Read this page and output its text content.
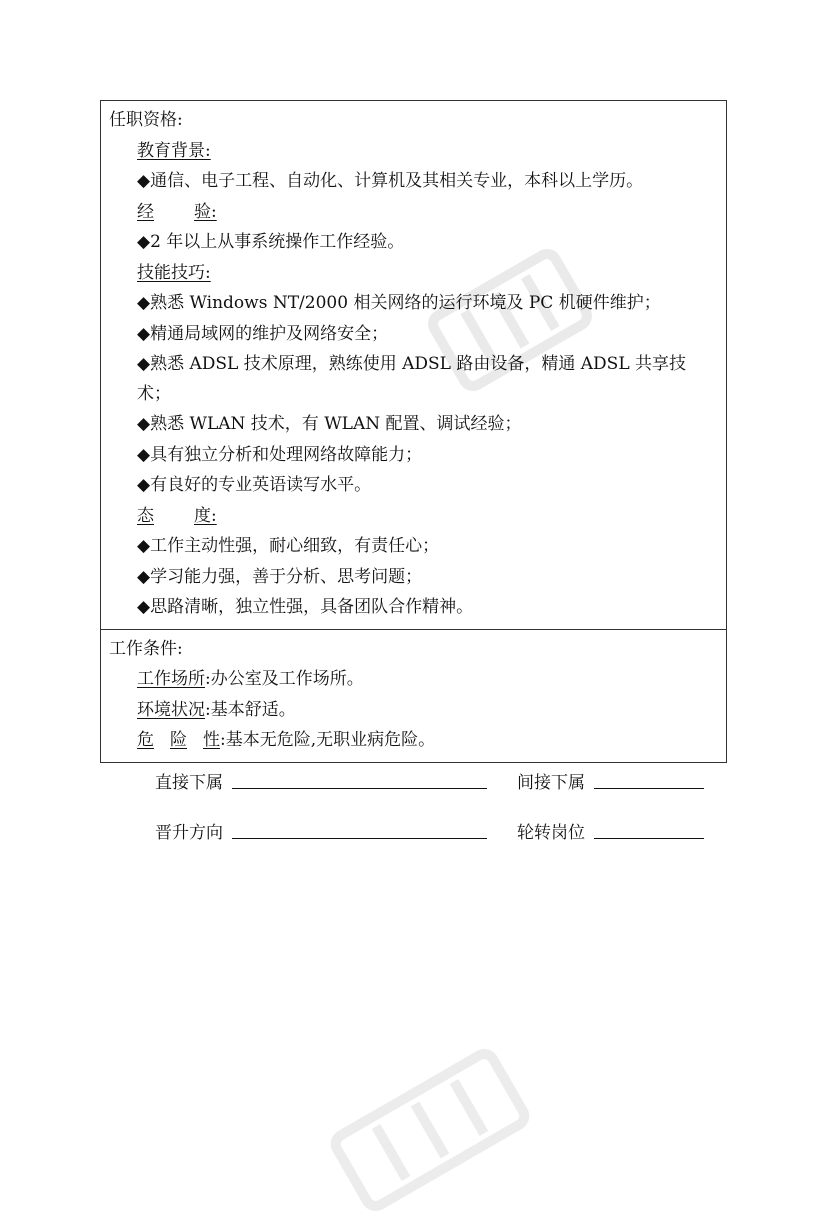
任职资格:
教育背景:
◆通信、电子工程、自动化、计算机及其相关专业，本科以上学历。
经 验:
◆2 年以上从事系统操作工作经验。
技能技巧:
◆熟悉 Windows NT/2000 相关网络的运行环境及 PC 机硬件维护；
◆精通局域网的维护及网络安全；
◆熟悉 ADSL 技术原理，熟练使用 ADSL 路由设备，精通 ADSL 共享技术；
◆熟悉 WLAN 技术，有 WLAN 配置、调试经验；
◆具有独立分析和处理网络故障能力；
◆有良好的专业英语读写水平。
态 度:
◆工作主动性强，耐心细致，有责任心；
◆学习能力强，善于分析、思考问题；
◆思路清晰，独立性强，具备团队合作精神。
工作条件:
工作场所:办公室及工作场所。
环境状况:基本舒适。
危 险 性:基本无危险,无职业病危险。
直接下属	间接下属
晋升方向	轮转岗位
